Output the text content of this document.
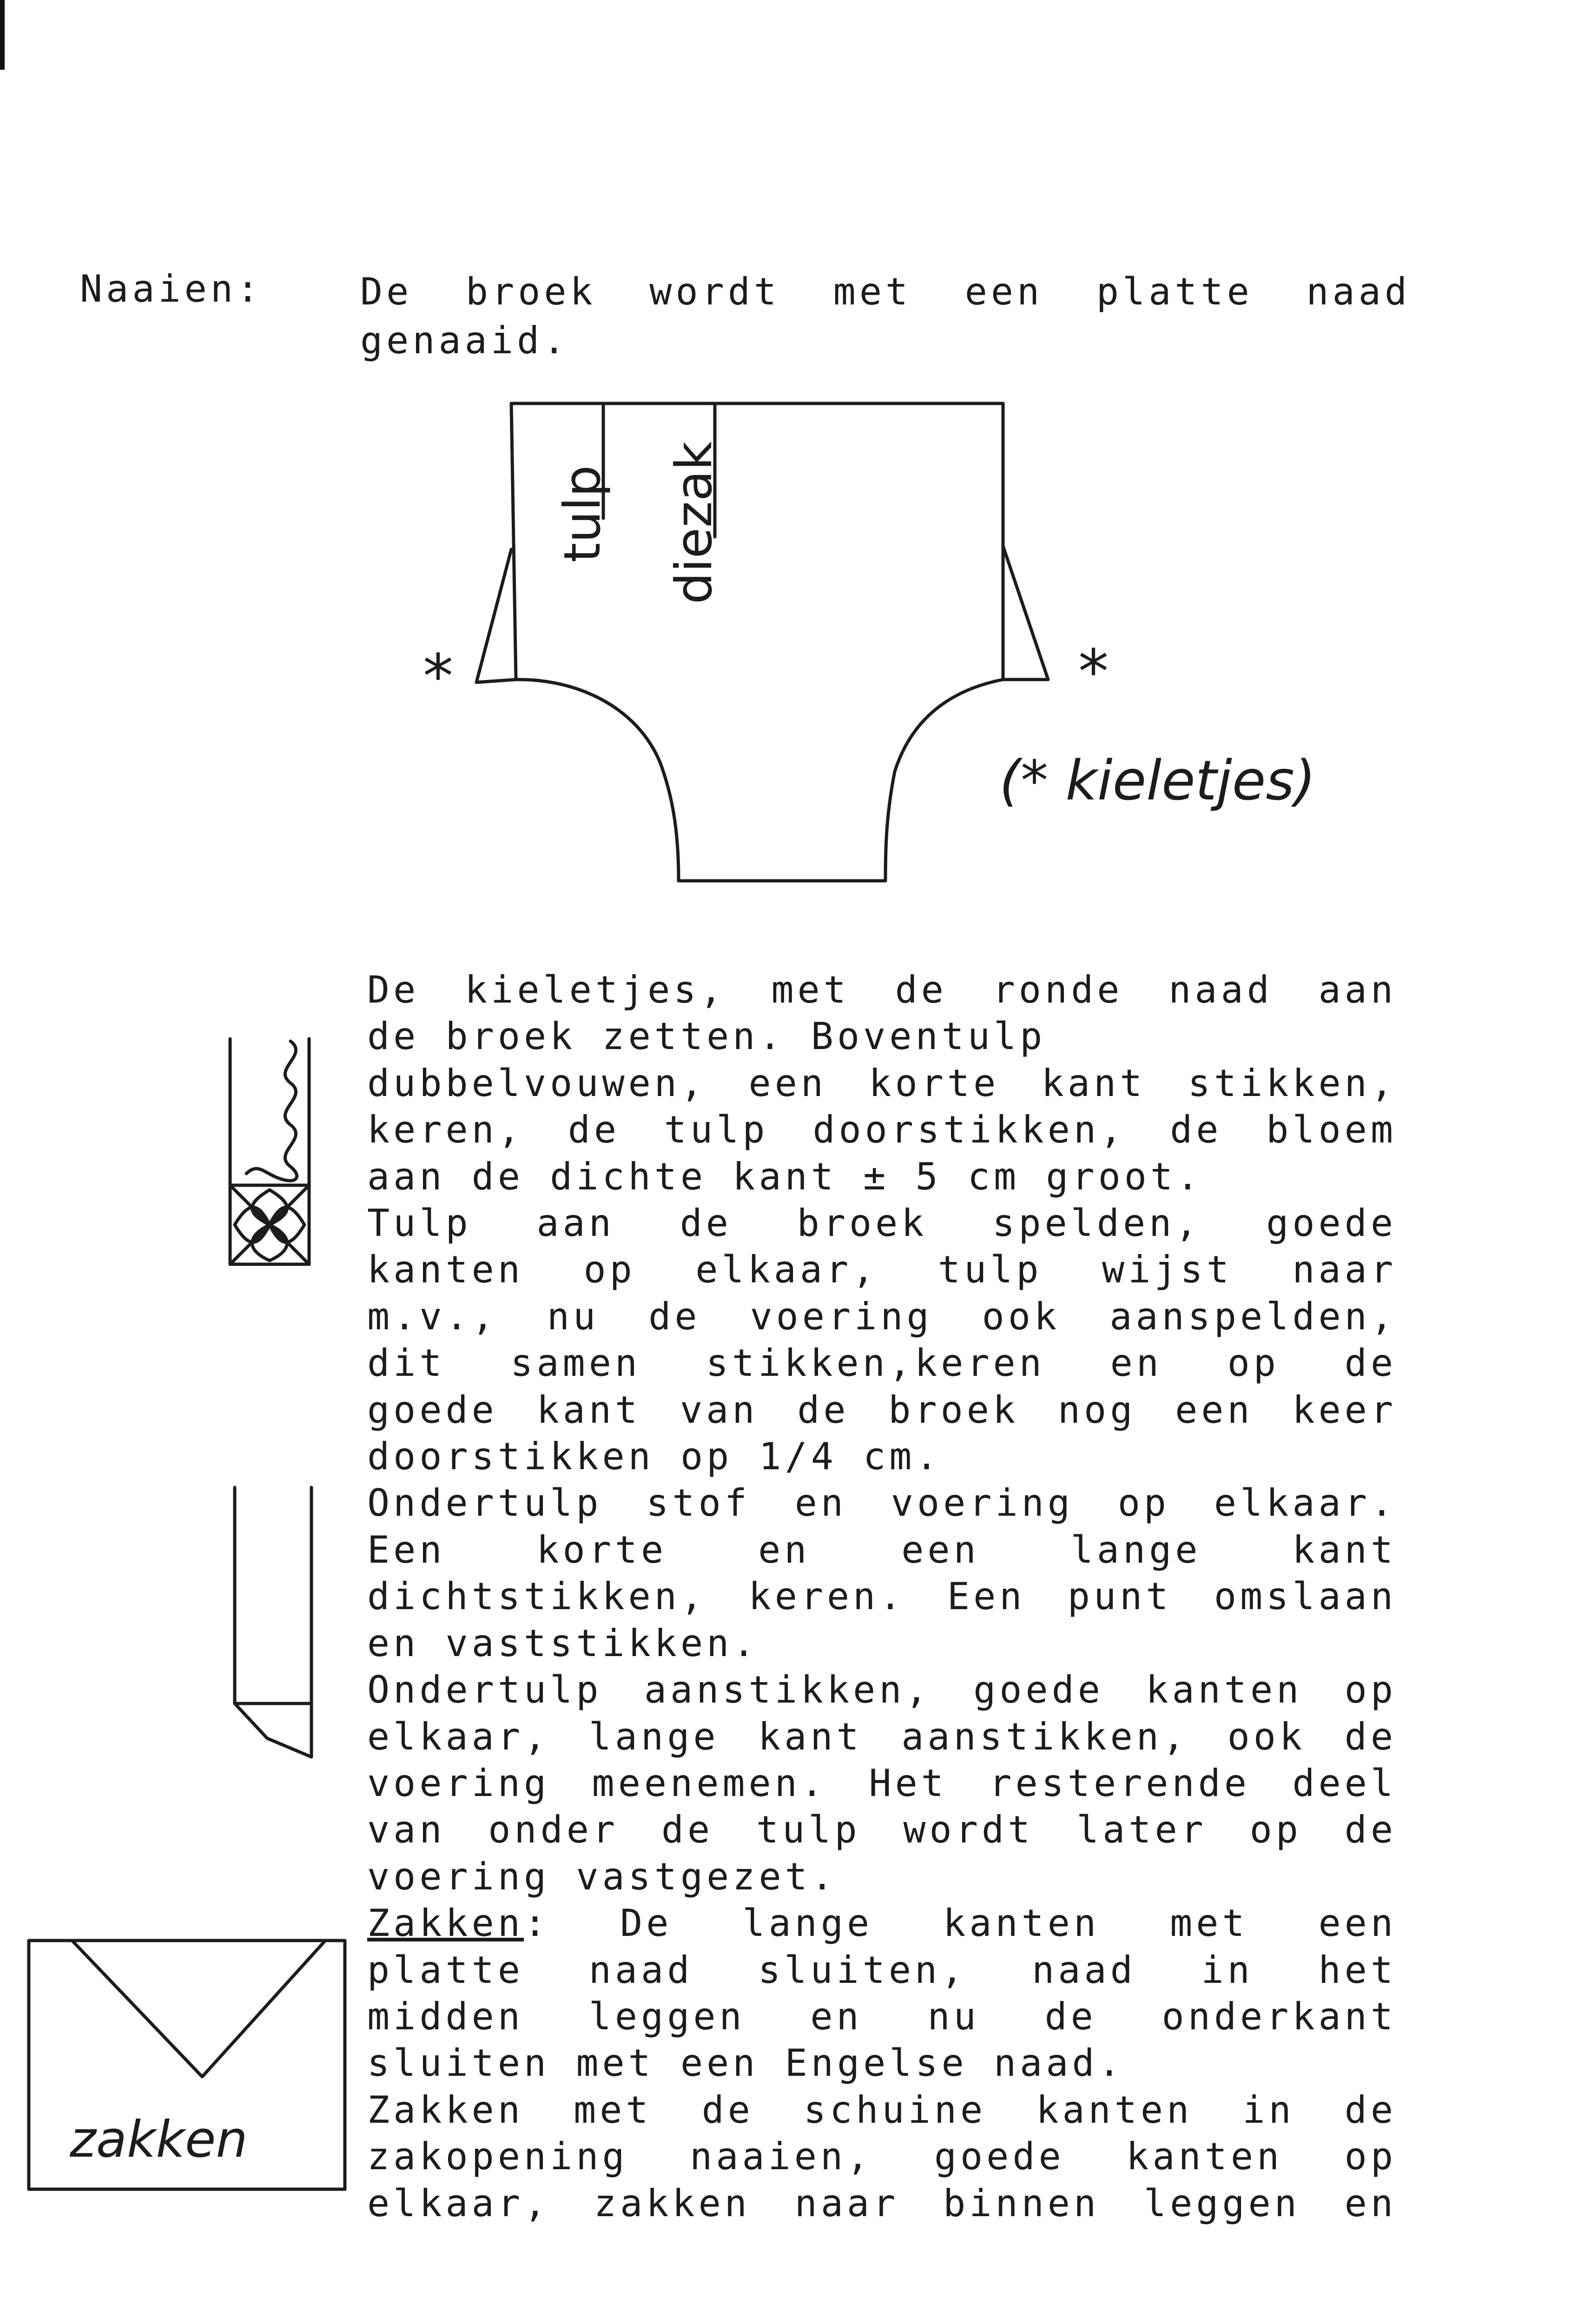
Naaien:	De broek wordt met een platte naad
genaaid.
tulp diezak
*	*
(* kieletjes)
zakken
De kieletjes, met de ronde naad aan
de broek zetten. Boventulp
dubbelvouwen, een korte kant stikken,
keren, de tulp doorstikken, de bloem
aan de dichte kant ± 5 cm groot.
Tulp aan de broek spelden, goede
kanten op elkaar, tulp wijst naar
m.v., nu de voering ook aanspelden,
dit samen stikken,keren en op de
goede kant van de broek nog een keer
doorstikken op 1/4 cm.
Ondertulp stof en voering op elkaar.
Een korte en een lange kant
dichtstikken, keren. Een punt omslaan
en vaststikken.
Ondertulp aanstikken, goede kanten op
elkaar, lange kant aanstikken, ook de
voering meenemen. Het resterende deel
van onder de tulp wordt later op de
voering vastgezet.
Zakken: De lange kanten met een
platte naad sluiten, naad in het
midden leggen en nu de onderkant
sluiten met een Engelse naad.
Zakken met de schuine kanten in de
zakopening naaien, goede kanten op
elkaar, zakken naar binnen leggen en
